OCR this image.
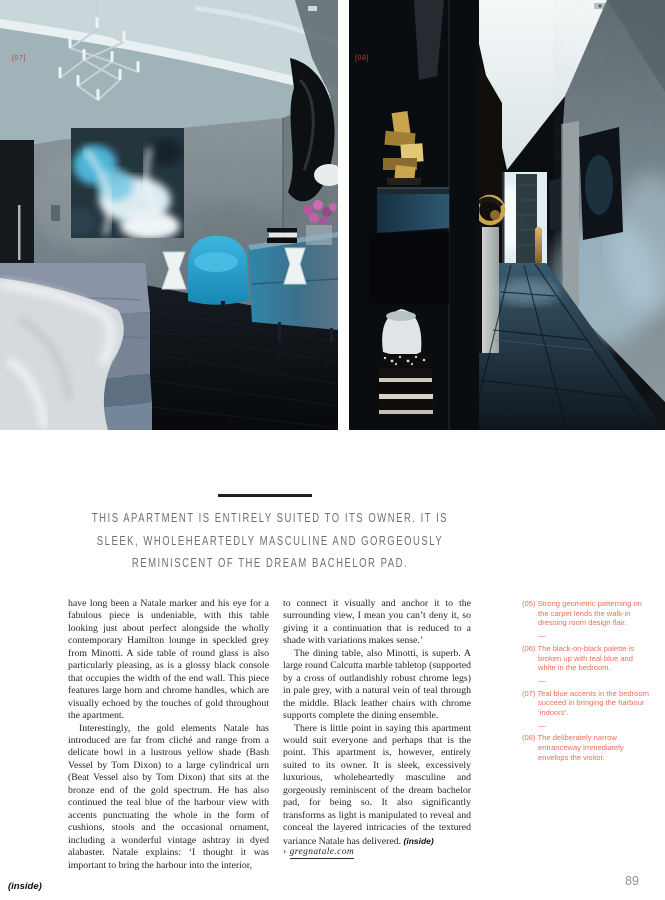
[07]	[08]
THIS APARTMENT IS ENTIRELY SUITED TO ITS OWNER. IT IS
SLEEK, WHOLEHEARTEDLY MASCULINE AND GORGEOUSLY
REMINISCENT OF THE DREAM BACHELOR PAD.

have long been a Natale marker and his eye for a fabulous piece is undeniable, with this table looking just about perfect alongside the wholly contemporary Hamilton lounge in speckled grey from Minotti. A side table of round glass is also particularly pleasing, as is a glossy black console that occupies the width of the end wall. This piece features large horn and chrome handles, which are visually echoed by the touches of gold throughout the apartment.

Interestingly, the gold elements Natale has introduced are far from cliché and range from a delicate bowl in a lustrous yellow shade (Bash Vessel by Tom Dixon) to a large cylindrical urn (Beat Vessel also by Tom Dixon) that sits at the bronze end of the gold spectrum. He has also continued the teal blue of the harbour view with accents punctuating the whole in the form of cushions, stools and the occasional ornament, including a wonderful vintage ashtray in dyed alabaster. Natale explains: ‘I thought it was important to bring the harbour into the interior,

to connect it visually and anchor it to the surrounding view, I mean you can’t deny it, so giving it a continuation that is reduced to a shade with variations makes sense.’

The dining table, also Minotti, is superb. A large round Calcutta marble tabletop (supported by a cross of outlandishly robust chrome legs) in pale grey, with a natural vein of teal through the middle. Black leather chairs with chrome supports complete the dining ensemble.

There is little point in saying this apartment would suit everyone and perhaps that is the point. This apartment is, however, entirely suited to its owner. It is sleek, excessively luxurious, wholeheartedly masculine and gorgeously reminiscent of the dream bachelor pad, for being so. It also significantly transforms as light is manipulated to reveal and conceal the layered intricacies of the textured variance Natale has delivered. (inside)

› gregnatale.com
(05) Strong geometric patterning on the carpet lends the walk-in dressing room design flair.
—
(06) The black-on-black palette is broken up with teal blue and white in the bedroom.
—
(07) Teal blue accents in the bedroom succeed in bringing the harbour ‘indoors’.
—
(08) The deliberately narrow entranceway immediately envelops the visitor.
(inside)	89
